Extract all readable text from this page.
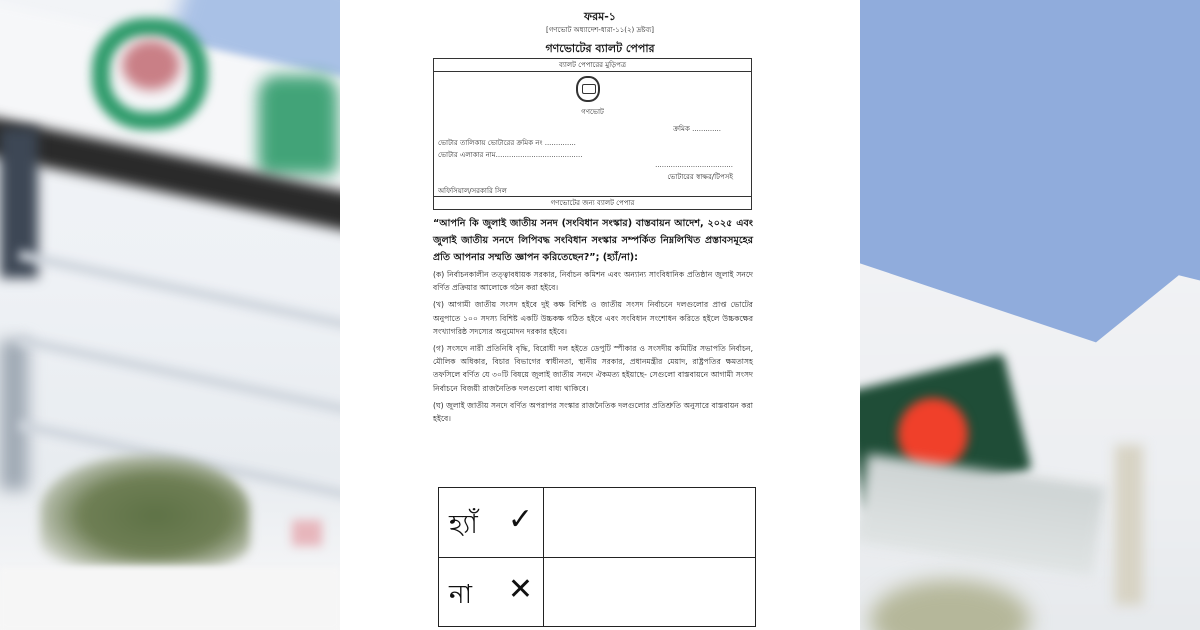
ফরম-১
[গণভোট অধ্যাদেশ-ধারা-১১(২) দ্রষ্টব্য]
গণভোটের ব্যালট পেপার
ব্যালট পেপারের মুড়িপত্র
গণভোট
ক্রমিক .............
ভোটার তালিকায় ভোটারের ক্রমিক নং ..............
ভোটার এলাকার নাম.......................................
...................................
ভোটারের স্বাক্ষর/টিপসই
অফিসিয়াল/সরকারি সিল
গণভোটের জন্য ব্যালট পেপার
“আপনি কি জুলাই জাতীয় সনদ (সংবিধান সংস্কার) বাস্তবায়ন আদেশ, ২০২৫ এবং জুলাই জাতীয় সনদে লিপিবদ্ধ সংবিধান সংস্কার সম্পর্কিত নিম্নলিখিত প্রস্তাবসমূহের প্রতি আপনার সম্মতি জ্ঞাপন করিতেছেন?”; (হ্যাঁ/না):

(ক) নির্বাচনকালীন তত্ত্বাবধায়ক সরকার, নির্বাচন কমিশন এবং অন্যান্য সাংবিধানিক প্রতিষ্ঠান জুলাই সনদে বর্ণিত প্রক্রিয়ার আলোকে গঠন করা হইবে।

(খ) আগামী জাতীয় সংসদ হইবে দুই কক্ষ বিশিষ্ট ও জাতীয় সংসদ নির্বাচনে দলগুলোর প্রাপ্ত ভোটের অনুপাতে ১০০ সদস্য বিশিষ্ট একটি উচ্চকক্ষ গঠিত হইবে এবং সংবিধান সংশোধন করিতে হইলে উচ্চকক্ষের সংখ্যাগরিষ্ঠ সদস্যের অনুমোদন দরকার হইবে।

(গ) সংসদে নারী প্রতিনিধি বৃদ্ধি, বিরোধী দল হইতে ডেপুটি স্পীকার ও সংসদীয় কমিটির সভাপতি নির্বাচন, মৌলিক অধিকার, বিচার বিভাগের স্বাধীনতা, স্থানীয় সরকার, প্রধানমন্ত্রীর মেয়াদ, রাষ্ট্রপতির ক্ষমতাসহ তফসিলে বর্ণিত যে ৩০টি বিষয়ে জুলাই জাতীয় সনদে ঐকমত্য হইয়াছে- সেগুলো বাস্তবায়নে আগামী সংসদ নির্বাচনে বিজয়ী রাজনৈতিক দলগুলো বাধ্য থাকিবে।

(ঘ) জুলাই জাতীয় সনদে বর্ণিত অপরাপর সংস্কার রাজনৈতিক দলগুলোর প্রতিশ্রুতি অনুসারে বাস্তবায়ন করা হইবে।

হ্যাঁ ✓
না ✕
